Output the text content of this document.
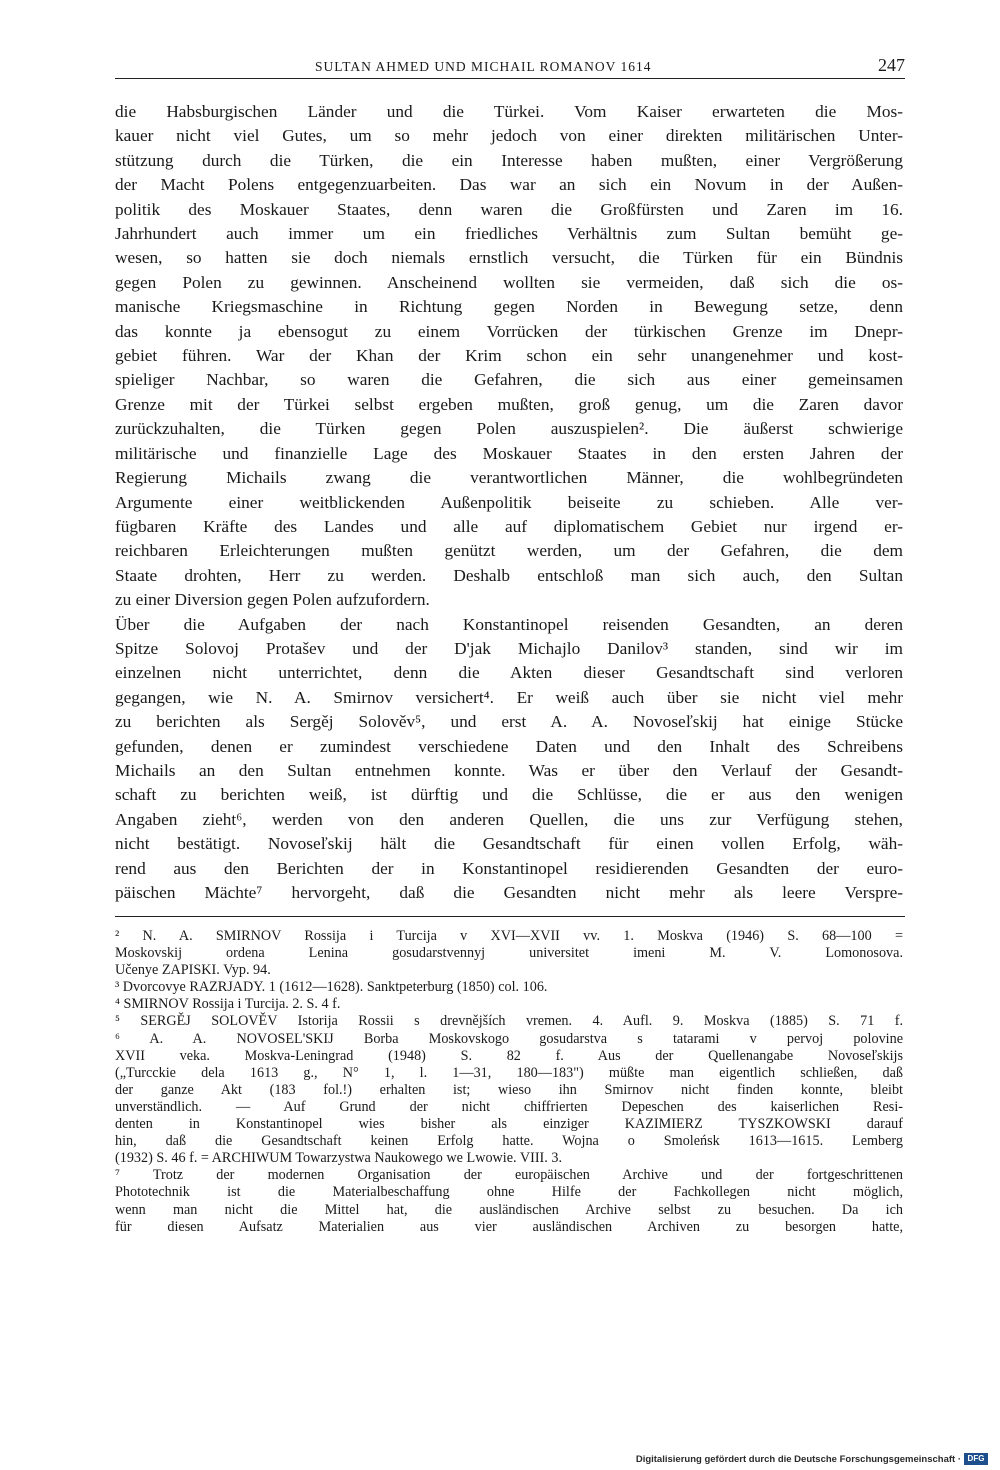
SULTAN AHMED UND MICHAIL ROMANOV 1614	247

die Habsburgischen Länder und die Türkei. Vom Kaiser erwarteten die Mos-

kauer nicht viel Gutes, um so mehr jedoch von einer direkten militärischen Unter-

stützung durch die Türken, die ein Interesse haben mußten, einer Vergrößerung

der Macht Polens entgegenzuarbeiten. Das war an sich ein Novum in der Außen-

politik des Moskauer Staates, denn waren die Großfürsten und Zaren im 16.

Jahrhundert auch immer um ein friedliches Verhältnis zum Sultan bemüht ge-

wesen, so hatten sie doch niemals ernstlich versucht, die Türken für ein Bündnis

gegen Polen zu gewinnen. Anscheinend wollten sie vermeiden, daß sich die os-

manische Kriegsmaschine in Richtung gegen Norden in Bewegung setze, denn

das konnte ja ebensogut zu einem Vorrücken der türkischen Grenze im Dnepr-

gebiet führen. War der Khan der Krim schon ein sehr unangenehmer und kost-

spieliger Nachbar, so waren die Gefahren, die sich aus einer gemeinsamen

Grenze mit der Türkei selbst ergeben mußten, groß genug, um die Zaren davor

zurückzuhalten, die Türken gegen Polen auszuspielen². Die äußerst schwierige

militärische und finanzielle Lage des Moskauer Staates in den ersten Jahren der

Regierung Michails zwang die verantwortlichen Männer, die wohlbegründeten

Argumente einer weitblickenden Außenpolitik beiseite zu schieben. Alle ver-

fügbaren Kräfte des Landes und alle auf diplomatischem Gebiet nur irgend er-

reichbaren Erleichterungen mußten genützt werden, um der Gefahren, die dem

Staate drohten, Herr zu werden. Deshalb entschloß man sich auch, den Sultan

zu einer Diversion gegen Polen aufzufordern.

Über die Aufgaben der nach Konstantinopel reisenden Gesandten, an deren

Spitze Solovoj Protašev und der D'jak Michajlo Danilov³ standen, sind wir im

einzelnen nicht unterrichtet, denn die Akten dieser Gesandtschaft sind verloren

gegangen, wie N. A. Smirnov versichert⁴. Er weiß auch über sie nicht viel mehr

zu berichten als Sergěj Solověv⁵, und erst A. A. Novoseľskij hat einige Stücke

gefunden, denen er zumindest verschiedene Daten und den Inhalt des Schreibens

Michails an den Sultan entnehmen konnte. Was er über den Verlauf der Gesandt-

schaft zu berichten weiß, ist dürftig und die Schlüsse, die er aus den wenigen

Angaben zieht⁶, werden von den anderen Quellen, die uns zur Verfügung stehen,

nicht bestätigt. Novoseľskij hält die Gesandtschaft für einen vollen Erfolg, wäh-

rend aus den Berichten der in Konstantinopel residierenden Gesandten der euro-

päischen Mächte⁷ hervorgeht, daß die Gesandten nicht mehr als leere Verspre-

² N. A. SMIRNOV Rossija i Turcija v XVI—XVII vv. 1. Moskva (1946) S. 68—100 =

Moskovskij ordena Lenina gosudarstvennyj universitet imeni M. V. Lomonosova.

Učenye ZAPISKI. Vyp. 94.

³ Dvorcovye RAZRJADY. 1 (1612—1628). Sanktpeterburg (1850) col. 106.

⁴ SMIRNOV Rossija i Turcija. 2. S. 4 f.

⁵ SERGĚJ SOLOVĚV Istorija Rossii s drevnějších vremen. 4. Aufl. 9. Moskva (1885) S. 71 f.

⁶ A. A. NOVOSEL'SKIJ Borba Moskovskogo gosudarstva s tatarami v pervoj polovine

XVII veka. Moskva-Leningrad (1948) S. 82 f. Aus der Quellenangabe Novoseľskijs

(„Turcckie dela 1613 g., N° 1, l. 1—31, 180—183") müßte man eigentlich schließen, daß

der ganze Akt (183 fol.!) erhalten ist; wieso ihn Smirnov nicht finden konnte, bleibt

unverständlich. — Auf Grund der nicht chiffrierten Depeschen des kaiserlichen Resi-

denten in Konstantinopel wies bisher als einziger KAZIMIERZ TYSZKOWSKI darauf

hin, daß die Gesandtschaft keinen Erfolg hatte. Wojna o Smoleńsk 1613—1615. Lemberg

(1932) S. 46 f. = ARCHIWUM Towarzystwa Naukowego we Lwowie. VIII. 3.

⁷ Trotz der modernen Organisation der europäischen Archive und der fortgeschrittenen

Phototechnik ist die Materialbeschaffung ohne Hilfe der Fachkollegen nicht möglich,

wenn man nicht die Mittel hat, die ausländischen Archive selbst zu besuchen. Da ich

für diesen Aufsatz Materialien aus vier ausländischen Archiven zu besorgen hatte,

Digitalisierung gefördert durch die Deutsche Forschungsgemeinschaft · DFG
